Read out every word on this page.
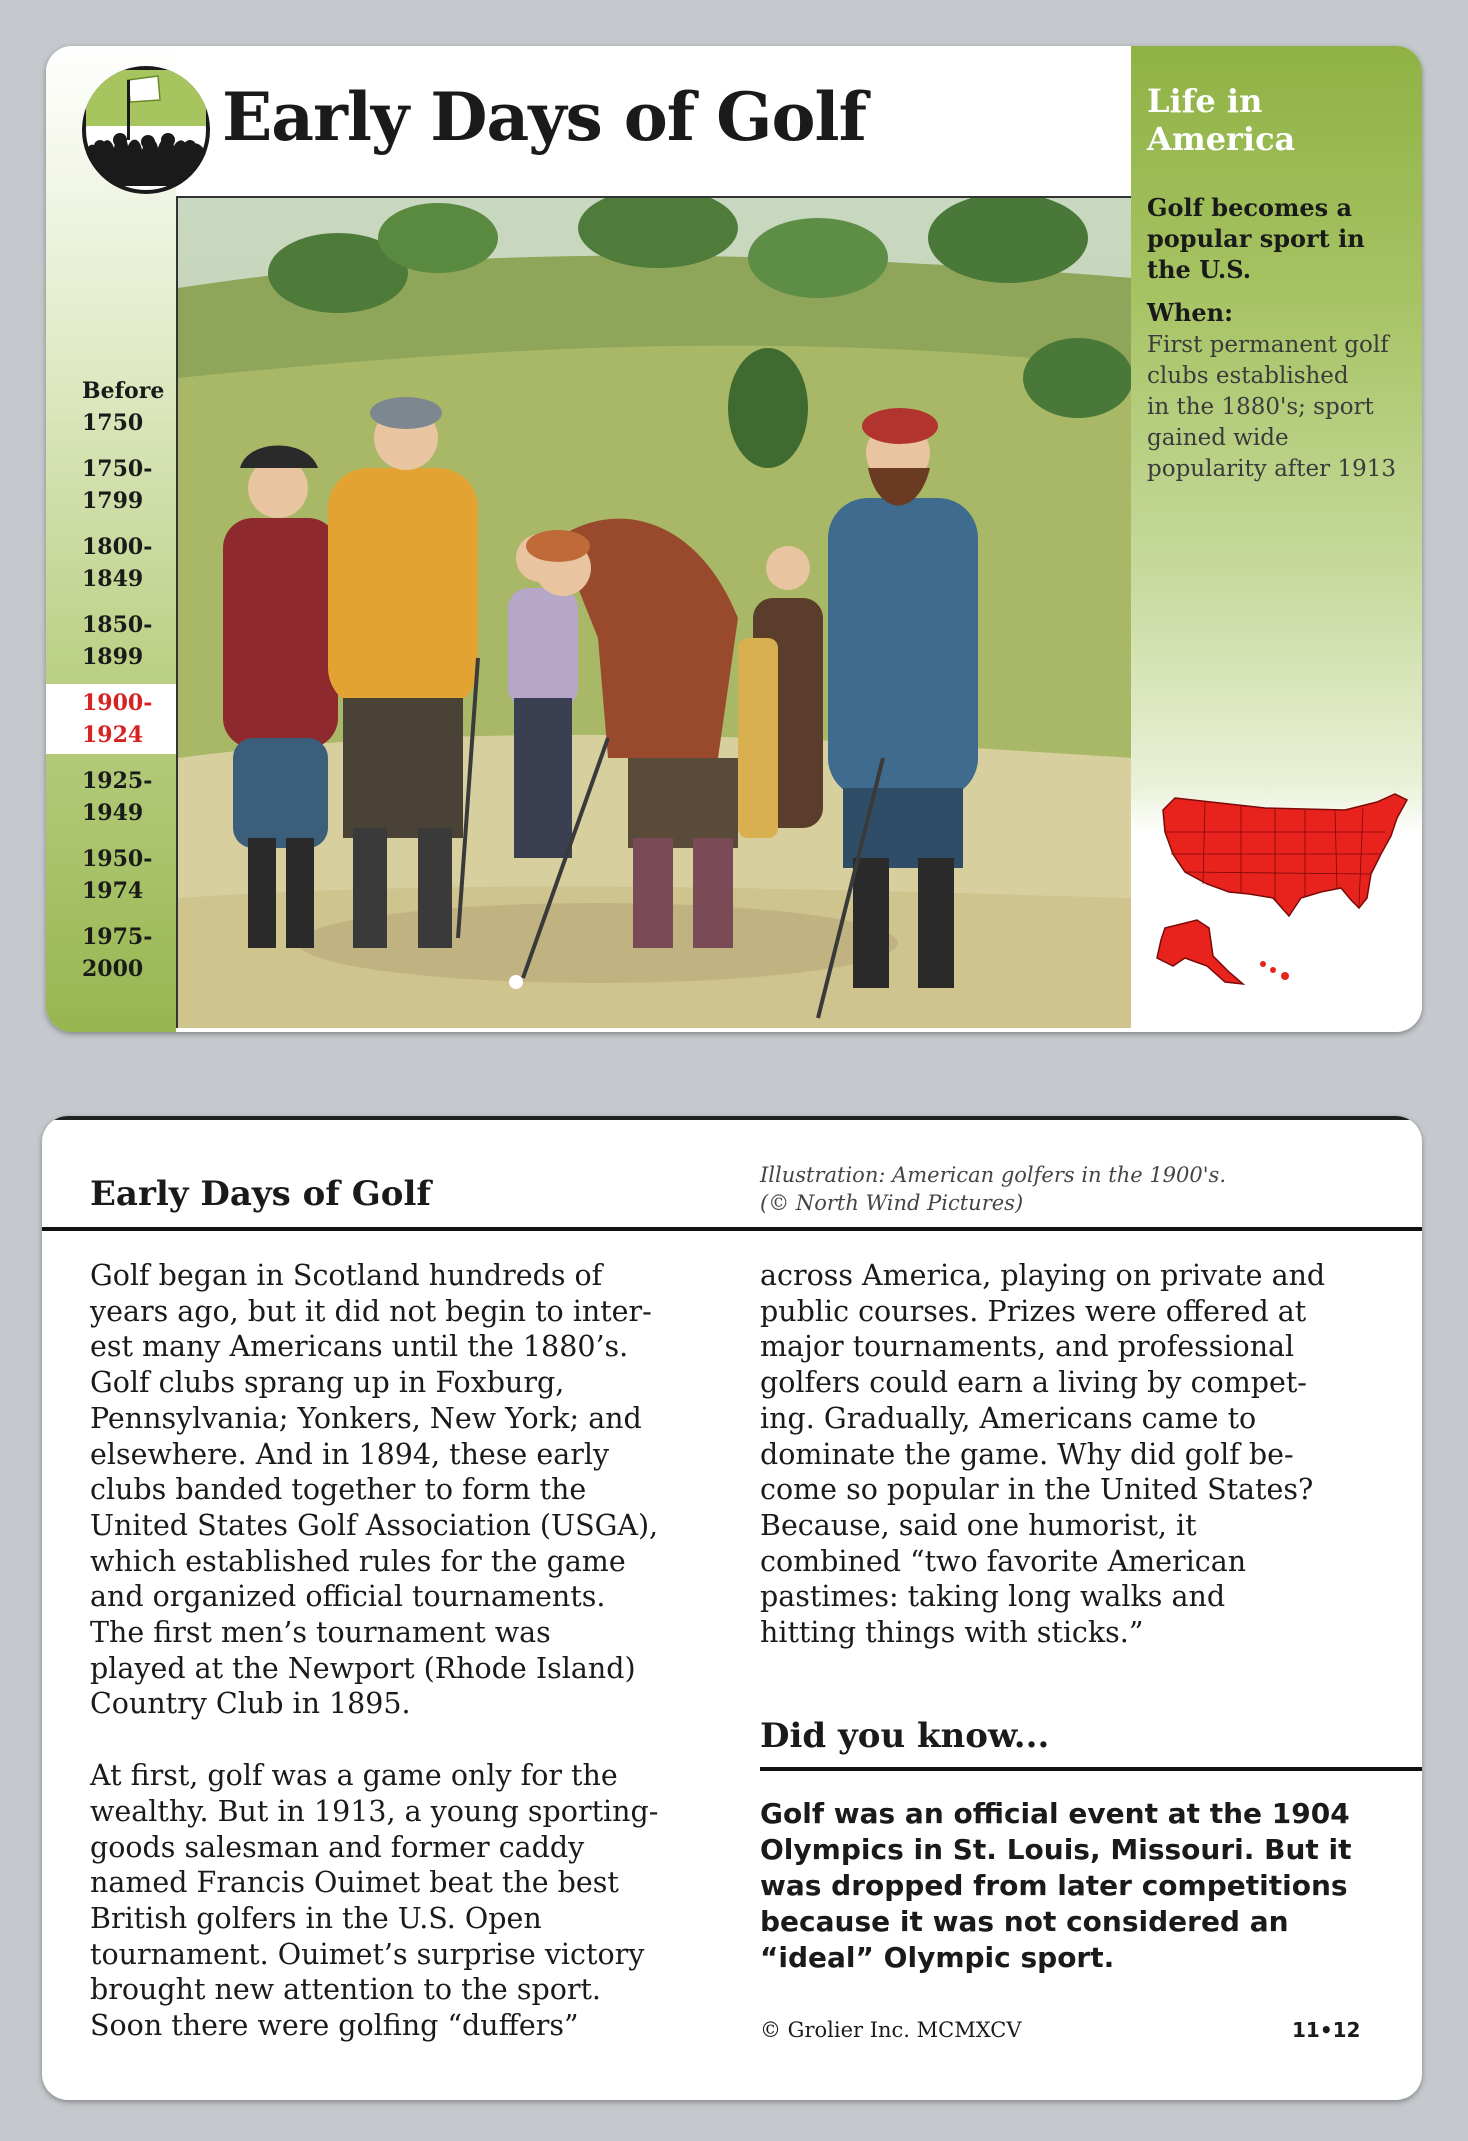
Early Days of Golf
Before
1750
1750-
1799
1800-
1849
1850-
1899
1900-
1924
1925-
1949
1950-
1974
1975-
2000
Life in
America
Golf becomes a
popular sport in
the U.S.
When:
First permanent golf
clubs established
in the 1880's; sport
gained wide
popularity after 1913
Early Days of Golf	Illustration: American golfers in the 1900's.
(© North Wind Pictures)

Golf began in Scotland hundreds of

years ago, but it did not begin to inter-

est many Americans until the 1880’s.

Golf clubs sprang up in Foxburg,

Pennsylvania; Yonkers, New York; and

elsewhere. And in 1894, these early

clubs banded together to form the

United States Golf Association (USGA),

which established rules for the game

and organized official tournaments.

The first men’s tournament was

played at the Newport (Rhode Island)

Country Club in 1895.

At first, golf was a game only for the

wealthy. But in 1913, a young sporting-

goods salesman and former caddy

named Francis Ouimet beat the best

British golfers in the U.S. Open

tournament. Ouimet’s surprise victory

brought new attention to the sport.

Soon there were golfing “duffers”

across America, playing on private and

public courses. Prizes were offered at

major tournaments, and professional

golfers could earn a living by compet-

ing. Gradually, Americans came to

dominate the game. Why did golf be-

come so popular in the United States?

Because, said one humorist, it

combined “two favorite American

pastimes: taking long walks and

hitting things with sticks.”

Did you know...

Golf was an official event at the 1904

Olympics in St. Louis, Missouri. But it

was dropped from later competitions

because it was not considered an

“ideal” Olympic sport.

© Grolier Inc. MCMXCV	11•12
